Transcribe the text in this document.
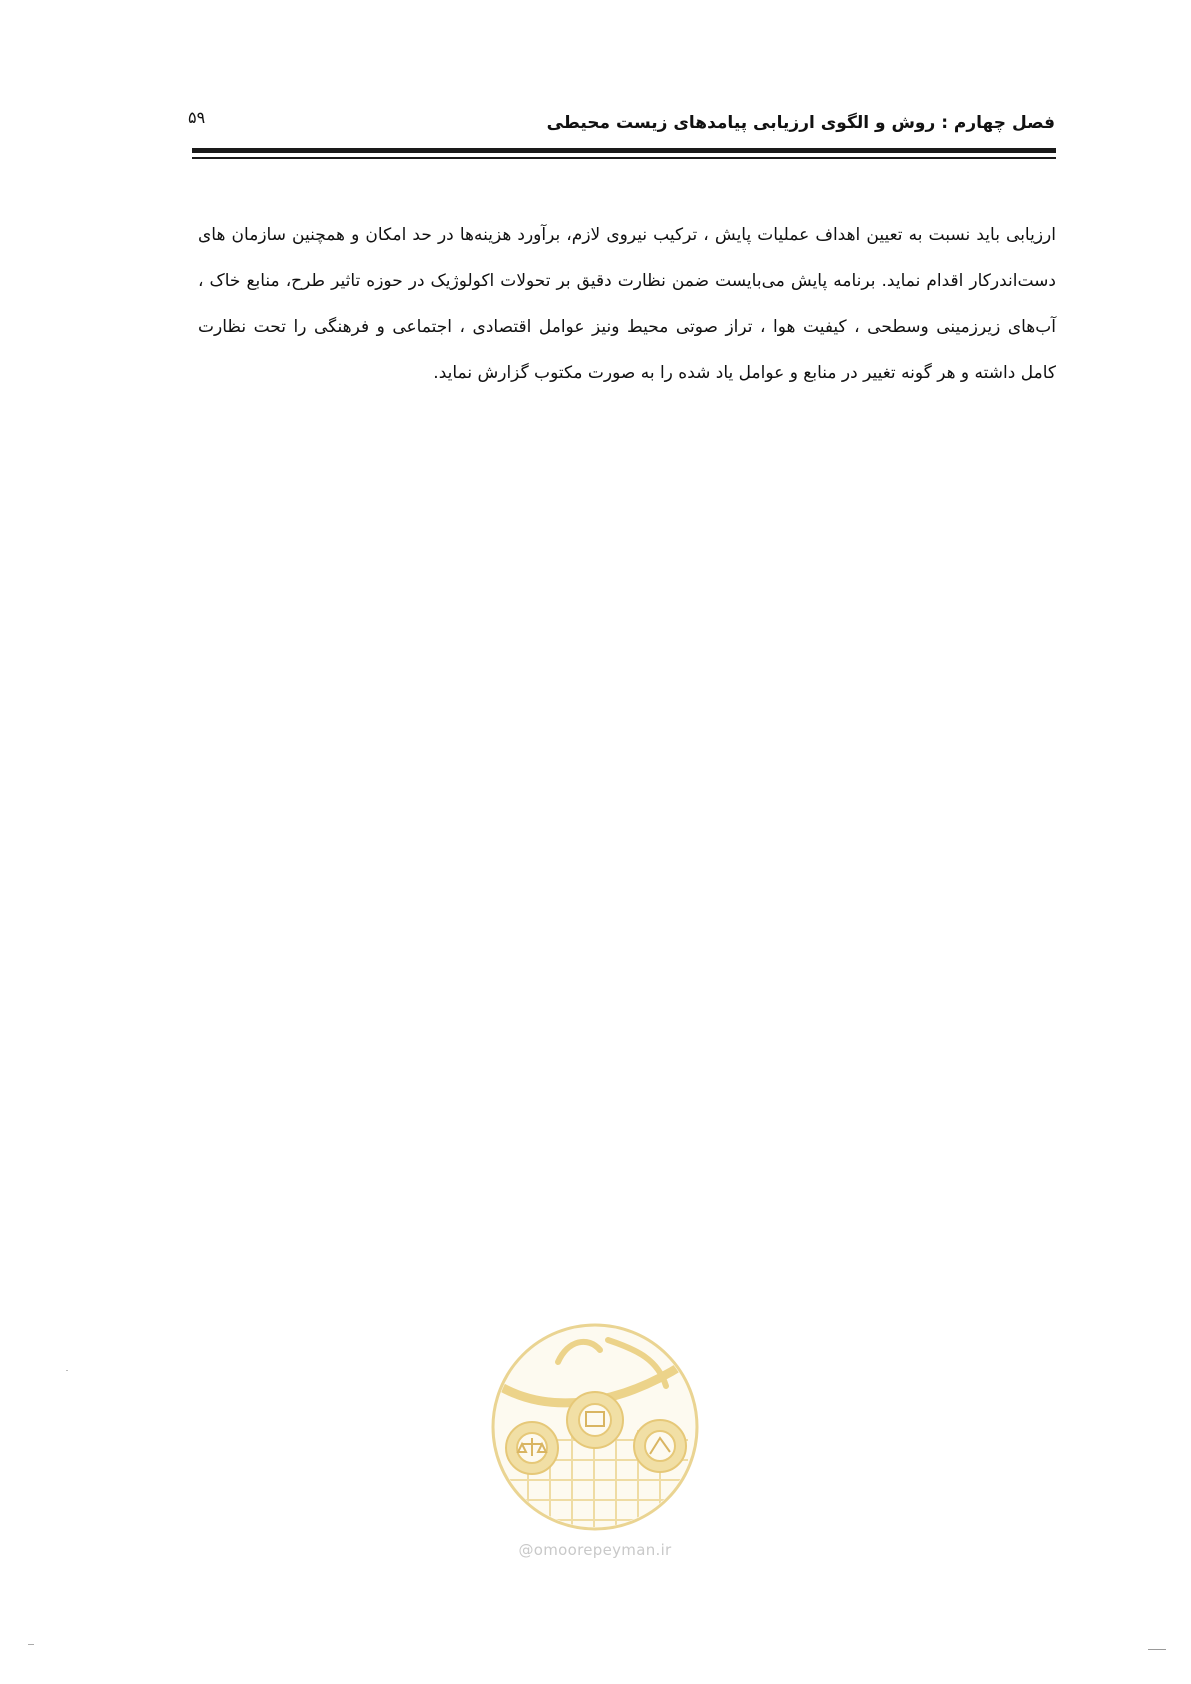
فصل چهارم : روش و الگوی ارزیابی پیامدهای زیست محیطی
۵۹
ارزیابی باید نسبت به تعیین اهداف عملیات پایش ، ترکیب نیروی لازم، برآورد هزینه‌ها در حد امکان و همچنین سازمان های دست‌اندرکار اقدام نماید. برنامه پایش می‌بایست ضمن نظارت دقیق بر تحولات اکولوژیک در حوزه تاثیر طرح، منابع خاک ، آب‌های زیرزمینی وسطحی ، کیفیت هوا ، تراز صوتی محیط ونیز عوامل اقتصادی ، اجتماعی و فرهنگی را تحت نظارت کامل داشته و هر گونه تغییر در منابع و عوامل یاد شده را به صورت مکتوب گزارش نماید.
@omoorepeyman.ir
